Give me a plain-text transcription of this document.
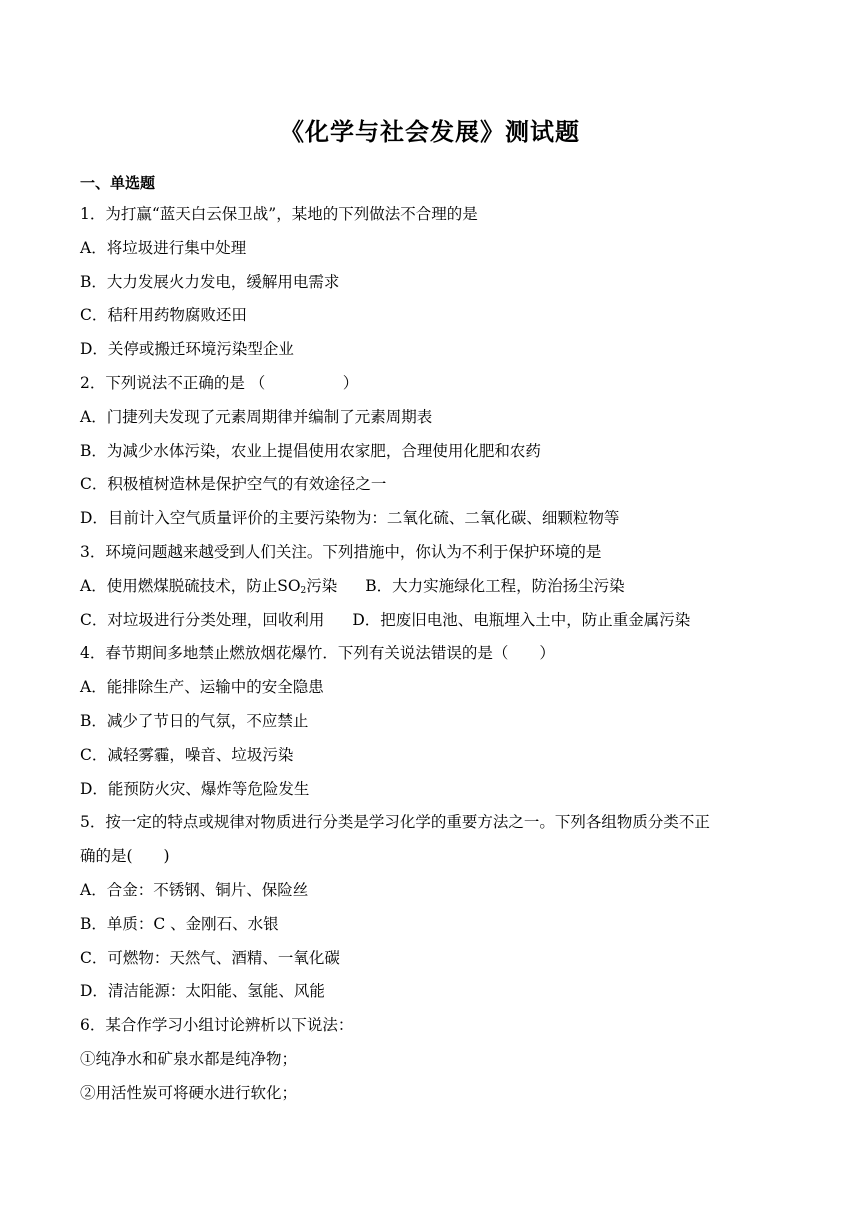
《化学与社会发展》测试题
一、单选题
1．为打赢“蓝天白云保卫战”，某地的下列做法不合理的是
A．将垃圾进行集中处理
B．大力发展火力发电，缓解用电需求
C．秸秆用药物腐败还田
D．关停或搬迁环境污染型企业
2．下列说法不正确的是 （　　　　　）
A．门捷列夫发现了元素周期律并编制了元素周期表
B．为减少水体污染，农业上提倡使用农家肥，合理使用化肥和农药
C．积极植树造林是保护空气的有效途径之一
D．目前计入空气质量评价的主要污染物为：二氧化硫、二氧化碳、细颗粒物等
3．环境问题越来越受到人们关注。下列措施中，你认为不利于保护环境的是
A．使用燃煤脱硫技术，防止$SO_2$污染 B．大力实施绿化工程，防治扬尘污染
C．对垃圾进行分类处理，回收利用 D．把废旧电池、电瓶埋入土中，防止重金属污染
4．春节期间多地禁止燃放烟花爆竹．下列有关说法错误的是（　　）
A．能排除生产、运输中的安全隐患
B．减少了节日的气氛，不应禁止
C．减轻雾霾，噪音、垃圾污染
D．能预防火灾、爆炸等危险发生
5．按一定的特点或规律对物质进行分类是学习化学的重要方法之一。下列各组物质分类不正
确的是(　　)
A．合金：不锈钢、铜片、保险丝
B．单质：C 、金刚石、水银
C．可燃物：天然气、酒精、一氧化碳
D．清洁能源：太阳能、氢能、风能
6．某合作学习小组讨论辨析以下说法：
①纯净水和矿泉水都是纯净物；
②用活性炭可将硬水进行软化；
